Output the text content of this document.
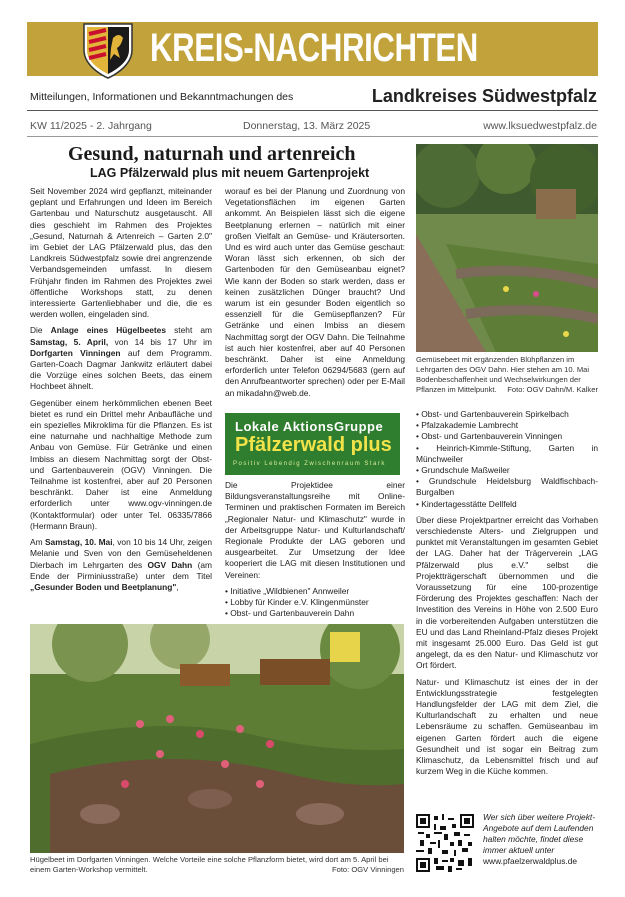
KREIS-NACHRICHTEN
Mitteilungen, Informationen und Bekanntmachungen des	Landkreises Südwestpfalz
KW 11/2025 - 2. Jahrgang	Donnerstag, 13. März 2025	www.lksuedwestpfalz.de
Gesund, naturnah und artenreich
LAG Pfälzerwald plus mit neuem Gartenprojekt

Seit November 2024 wird gepflanzt, miteinander geplant und Erfahrungen und Ideen im Bereich Gartenbau und Naturschutz ausgetauscht. All dies geschieht im Rahmen des Projektes „Gesund, Naturnah & Artenreich – Garten 2.0" im Gebiet der LAG Pfälzerwald plus, das den Landkreis Südwestpfalz sowie drei angrenzende Verbandsgemeinden umfasst. In diesem Frühjahr finden im Rahmen des Projektes zwei öffentliche Workshops statt, zu denen interessierte Gartenliebhaber und die, die es werden wollen, eingeladen sind.

Die Anlage eines Hügelbeetes steht am Samstag, 5. April, von 14 bis 17 Uhr im Dorfgarten Vinningen auf dem Programm. Garten-Coach Dagmar Jankwitz erläutert dabei die Vorzüge eines solchen Beets, das einem Hochbeet ähnelt.

Gegenüber einem herkömmlichen ebenen Beet bietet es rund ein Drittel mehr Anbaufläche und ein spezielles Mikroklima für die Pflanzen. Es ist eine naturnahe und nachhaltige Methode zum Anbau von Gemüse. Für Getränke und einen Imbiss an diesem Nachmittag sorgt der Obst- und Gartenbauverein (OGV) Vinningen. Die Teilnahme ist kostenfrei, aber auf 20 Personen beschränkt. Daher ist eine Anmeldung erforderlich unter www.ogv-vinningen.de (Kontaktformular) oder unter Tel. 06335/7866 (Hermann Braun).

Am Samstag, 10. Mai, von 10 bis 14 Uhr, zeigen Melanie und Sven von den Gemüseheldenen Dierbach im Lehrgarten des OGV Dahn (am Ende der Pirminiusstraße) unter dem Titel „Gesunder Boden und Beetplanung",

worauf es bei der Planung und Zuordnung von Vegetationsflächen im eigenen Garten ankommt. An Beispielen lässt sich die eigene Beetplanung erlernen – natürlich mit einer großen Vielfalt an Gemüse- und Kräutersorten. Und es wird auch unter das Gemüse geschaut: Woran lässt sich erkennen, ob sich der Gartenboden für den Gemüseanbau eignet? Wie kann der Boden so stark werden, dass er keinen zusätzlichen Dünger braucht? Und warum ist ein gesunder Boden eigentlich so essenziell für die Gemüsepflanzen? Für Getränke und einen Imbiss an diesem Nachmittag sorgt der OGV Dahn. Die Teilnahme ist auch hier kostenfrei, aber auf 40 Personen beschränkt. Daher ist eine Anmeldung erforderlich unter Telefon 06294/5683 (gern auf den Anrufbeantworter sprechen) oder per E-Mail an mikadahn@web.de.

Lokale AktionsGruppe
Pfälzerwald plus
Positiv Lebendig Zwischenraum Stark

Die Projektidee einer Bildungsveranstaltungsreihe mit Online-Terminen und praktischen Formaten im Bereich „Regionaler Natur- und Klimaschutz" wurde in der Arbeitsgruppe Natur- und Kulturlandschaft/ Regionale Produkte der LAG geboren und ausgearbeitet. Zur Umsetzung der Idee kooperiert die LAG mit diesen Institutionen und Vereinen:

• Initiative „Wildbienen" Annweiler
• Lobby für Kinder e.V. Klingenmünster
• Obst- und Gartenbauverein Dahn
Gemüsebeet mit ergänzenden Blühpflanzen im Lehrgarten des OGV Dahn. Hier stehen am 10. Mai Bodenbeschaffenheit und Wechselwirkungen der Pflanzen im Mittelpunkt.	Foto: OGV Dahn/M. Kalker
• Obst- und Gartenbauverein Spirkelbach
• Pfalzakademie Lambrecht
• Obst- und Gartenbauverein Vinningen
• Heinrich-Kimmle-Stiftung, Garten in Münchweiler
• Grundschule Maßweiler
• Grundschule Heidelsburg Waldfischbach-Burgalben
• Kindertagesstätte Dellfeld

Über diese Projektpartner erreicht das Vorhaben verschiedenste Alters- und Zielgruppen und punktet mit Veranstaltungen im gesamten Gebiet der LAG. Daher hat der Trägerverein „LAG Pfälzerwald plus e.V." selbst die Projektträgerschaft übernommen und die Voraussetzung für eine 100-prozentige Förderung des Projektes geschaffen: Nach der Investition des Vereins in Höhe von 2.500 Euro in die vorbereitenden Aufgaben unterstützen die EU und das Land Rheinland-Pfalz dieses Projekt mit insgesamt 25.000 Euro. Das Geld ist gut angelegt, da es den Natur- und Klimaschutz vor Ort fördert.

Natur- und Klimaschutz ist eines der in der Entwicklungsstrategie festgelegten Handlungsfelder der LAG mit dem Ziel, die Kulturlandschaft zu erhalten und neue Lebensräume zu schaffen. Gemüseanbau im eigenen Garten fördert auch die eigene Gesundheit und ist sogar ein Beitrag zum Klimaschutz, da Lebensmittel frisch und auf kurzem Weg in die Küche kommen.

Hügelbeet im Dorfgarten Vinningen. Welche Vorteile eine solche Pflanzform bietet, wird dort am 5. April bei einem Garten-Workshop vermittelt.	Foto: OGV Vinningen
Wer sich über weitere Projekt-Angebote auf dem Laufenden halten möchte, findet diese immer aktuell unter www.pfaelzerwaldplus.de
